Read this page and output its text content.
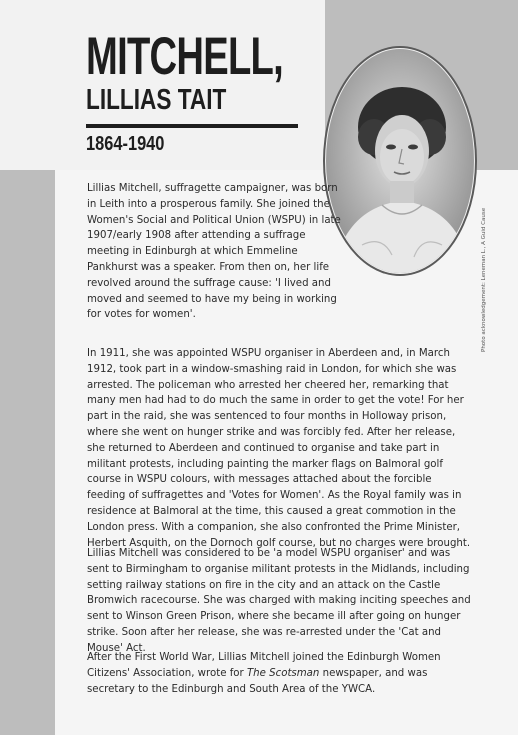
MITCHELL,
LILLIAS TAIT
1864-1940
Photo acknowledgement: Leneman L., A Guid Cause

Lillias Mitchell, suffragette campaigner, was born in Leith into a prosperous family. She joined the Women's Social and Political Union (WSPU) in late 1907/early 1908 after attending a suffrage meeting in Edinburgh at which Emmeline Pankhurst was a speaker. From then on, her life revolved around the suffrage cause: 'I lived and moved and seemed to have my being in working for votes for women'.

In 1911, she was appointed WSPU organiser in Aberdeen and, in March 1912, took part in a window-smashing raid in London, for which she was arrested. The policeman who arrested her cheered her, remarking that many men had had to do much the same in order to get the vote! For her part in the raid, she was sentenced to four months in Holloway prison, where she went on hunger strike and was forcibly fed. After her release, she returned to Aberdeen and continued to organise and take part in militant protests, including painting the marker flags on Balmoral golf course in WSPU colours, with messages attached about the forcible feeding of suffragettes and 'Votes for Women'. As the Royal family was in residence at Balmoral at the time, this caused a great commotion in the London press. With a companion, she also confronted the Prime Minister, Herbert Asquith, on the Dornoch golf course, but no charges were brought.

Lillias Mitchell was considered to be 'a model WSPU organiser' and was sent to Birmingham to organise militant protests in the Midlands, including setting railway stations on fire in the city and an attack on the Castle Bromwich racecourse. She was charged with making inciting speeches and sent to Winson Green Prison, where she became ill after going on hunger strike. Soon after her release, she was re-arrested under the 'Cat and Mouse' Act.

After the First World War, Lillias Mitchell joined the Edinburgh Women Citizens' Association, wrote for The Scotsman newspaper, and was secretary to the Edinburgh and South Area of the YWCA.
